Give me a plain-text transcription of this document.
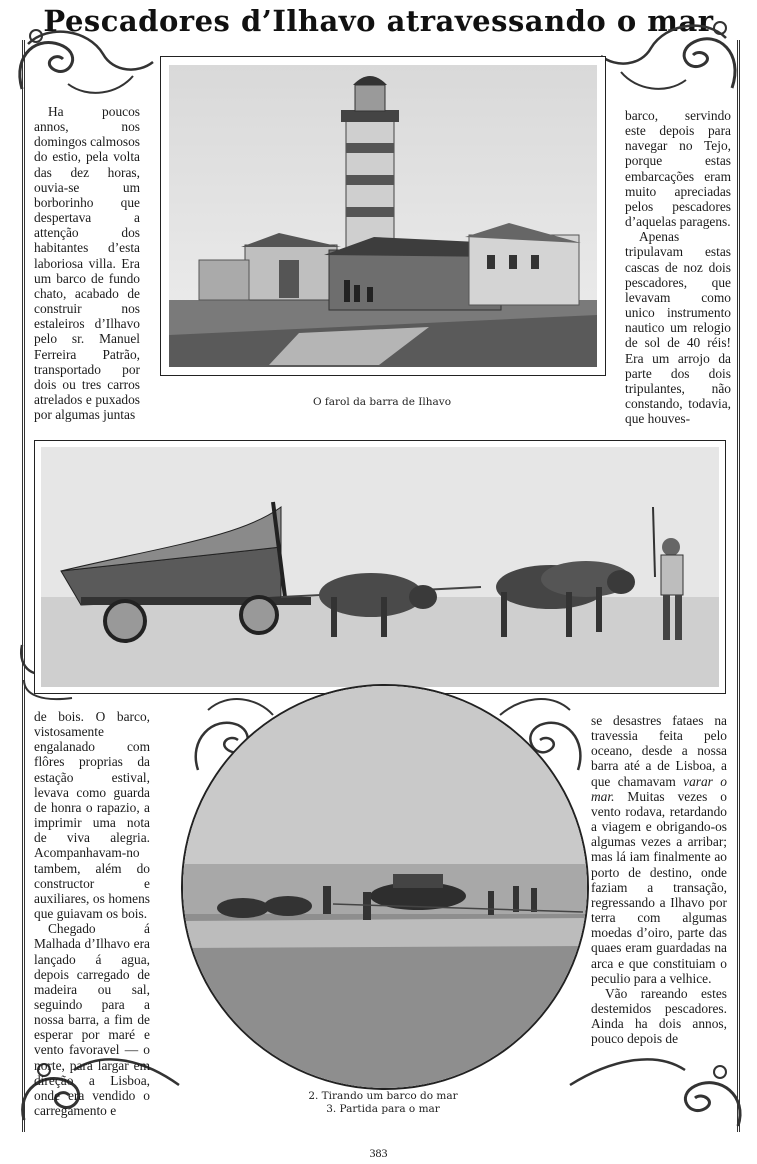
Pescadores d’Ilhavo atravessando o mar

Ha poucos annos, nos domingos calmosos do estio, pela volta das dez horas, ouvia-se um borborinho que despertava a attenção dos habitantes d’esta laboriosa villa. Era um barco de fundo chato, acabado de construir nos estaleiros d’Ilhavo pelo sr. Manuel Ferreira Patrão, transportado por dois ou tres carros atrelados e puxados por algumas juntas

O farol da barra de Ilhavo

barco, servindo este depois para navegar no Tejo, porque estas embarcações eram muito apreciadas pelos pescadores d’aquelas paragens.

Apenas tripulavam estas cascas de noz dois pescadores, que levavam como unico instrumento nautico um relogio de sol de 40 réis! Era um arrojo da parte dos dois tripulantes, não constando, todavia, que houves-

de bois. O barco, vistosamente engalanado com flôres proprias da estação estival, levava como guarda de honra o rapazio, a imprimir uma nota de viva alegria. Acompanhavam-no tambem, além do constructor e auxiliares, os homens que guiavam os bois.

Chegado á Malhada d’Ilhavo era lançado á agua, depois carregado de madeira ou sal, seguindo para a nossa barra, a fim de esperar por maré e vento favoravel — o norte, para largar em direção a Lisboa, onde era vendido o carregamento e

2. Tirando um barco do mar
3. Partida para o mar

se desastres fataes na travessia feita pelo oceano, desde a nossa barra até a de Lisboa, a que chamavam varar o mar. Muitas vezes o vento rodava, retardando a viagem e obrigando-os algumas vezes a arribar; mas lá iam finalmente ao porto de destino, onde faziam a transação, regressando a Ilhavo por terra com algumas moedas d’oiro, parte das quaes eram guardadas na arca e que constituiam o peculio para a velhice.

Vão rareando estes destemidos pescadores. Ainda ha dois annos, pouco depois de

383
